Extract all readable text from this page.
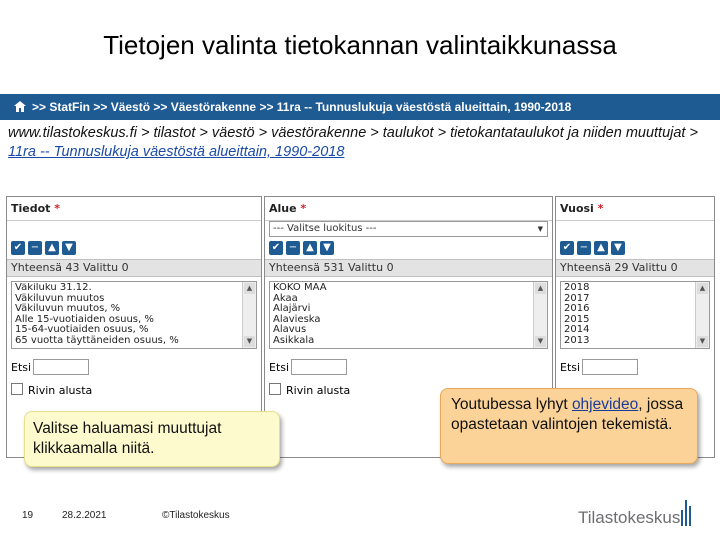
Tietojen valinta tietokannan valintaikkunassa
>> StatFin >> Väestö >> Väestörakenne >> 11ra -- Tunnuslukuja väestöstä alueittain, 1990-2018
www.tilastokeskus.fi > tilastot > väestö > väestörakenne > taulukot > tietokantataulukot ja niiden muuttujat > 11ra -- Tunnuslukuja väestöstä alueittain, 1990-2018
Tiedot *
✔ − ▲ ▼
Yhteensä 43 Valittu 0
Väkiluku 31.12.
Väkiluvun muutos
Väkiluvun muutos, %
Alle 15-vuotiaiden osuus, %
15-64-vuotiaiden osuus, %
65 vuotta täyttäneiden osuus, %
▲
▼
Etsi
Rivin alusta
Alue *
--- Valitse luokitus ---	▼
✔ − ▲ ▼
Yhteensä 531 Valittu 0
KOKO MAA
Akaa
Alajärvi
Alavieska
Alavus
Asikkala
▲
▼
Etsi
Rivin alusta
Vuosi *
✔ − ▲ ▼
Yhteensä 29 Valittu 0
2018
2017
2016
2015
2014
2013
▲
▼
Etsi
Valitse haluamasi muuttujat klikkaamalla niitä.
Youtubessa lyhyt ohjevideo, jossa opastetaan valintojen tekemistä.
19	28.2.2021	©Tilastokeskus	Tilastokeskus
